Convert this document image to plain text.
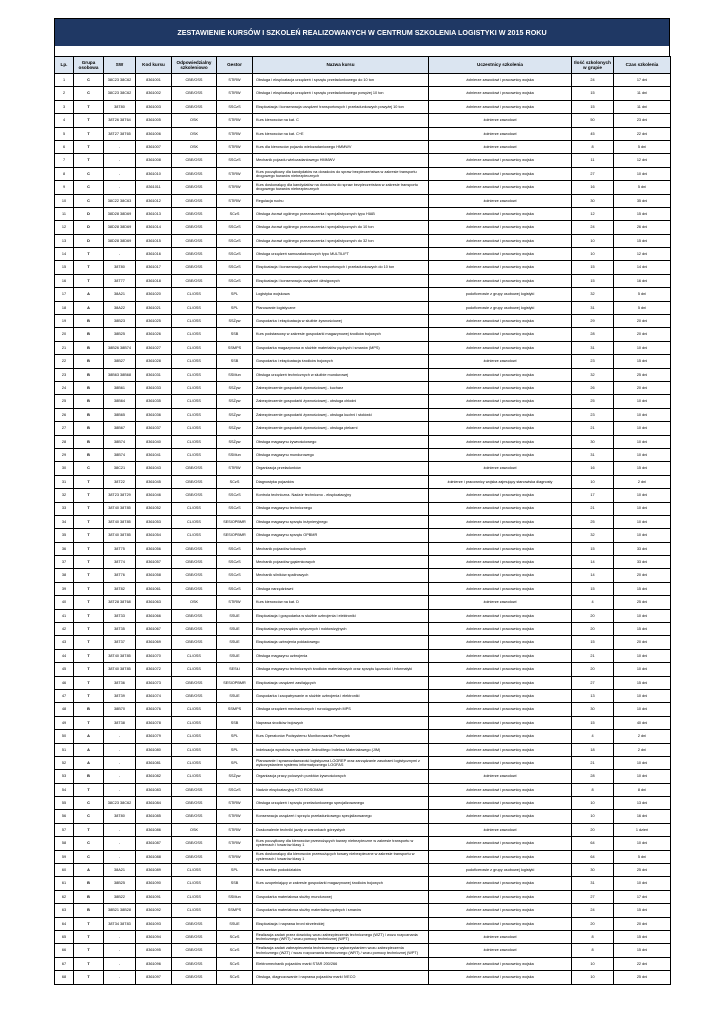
ZESTAWIENIE KURSÓW I SZKOLEŃ REALIZOWANYCH W CENTRUM SZKOLENIA LOGISTYKI W 2015 ROKU
Lp.	Grupa osobowa	SW	Kod kursu	Odpowiedzialny szkoleniowo	Gestor	Nazwa kursu	Uczestnicy szkolenia	Ilość szkolonych w grupie	Czas szkolenia
1	C	38C23 38C62	8361001	CBE/OSS	STIRW	Obsługa i eksploatacja urządzeń i sprzętu przeładunkowego do 10 ton	żołnierze zawodowi i pracownicy wojska	24	17 dni
2	C	38C23 38C62	8361002	CBE/OSS	STIRW	Obsługa i eksploatacja urządzeń i sprzętu przeładunkowego powyżej 10 ton	żołnierze zawodowi i pracownicy wojska	15	11 dni
3	T	38T80	8361003	CBE/OSS	SSCzS	Eksploatacja i konserwacja urządzeń transportowych i przeładunkowych powyżej 10 ton	żołnierze zawodowi i pracownicy wojska	15	11 dni
4	T	38T26 38T64	8361005	OSK	STIRW	Kurs kierowców na kat. C	żołnierze zawodowi	50	23 dni
5	T	38T27 38T65	8361006	OSK	STIRW	Kurs kierowców na kat. C+E	żołnierze zawodowi	45	22 dni
6	T	-	8361007	OSK	STIRW	Kurs dla kierowców pojazdu wielozadaniowego HMMWV	żołnierze zawodowi	8	5 dni
7	T	-	8361008	CBE/OSS	SSCzS	Mechanik pojazdu wielozadaniowego HMMWV	żołnierze zawodowi i pracownicy wojska	11	12 dni
8	C	-	8361010	CBE/OSS	STIRW	Kurs początkowy dla kandydatów na doradców do spraw bezpieczeństwa w zakresie transportu drogowego towarów niebezpiecznych	żołnierze zawodowi i pracownicy wojska	27	10 dni
9	C	-	8361011	CBE/OSS	STIRW	Kurs doskonalący dla kandydatów na doradców do spraw bezpieczeństwa w zakresie transportu drogowego towarów niebezpiecznych	żołnierze zawodowi i pracownicy wojska	16	5 dni
10	C	38C22 38C63	8361012	CBE/OSS	STIRW	Regulacja ruchu	żołnierze zawodowi	30	35 dni
11	D	38D28 38D69	8361013	CBE/OSS	SCzS	Obsługa żurawi ogólnego przeznaczenia i specjalistycznych typu HIAB	żołnierze zawodowi i pracownicy wojska	12	15 dni
12	D	38D28 38D69	8361014	CBE/OSS	SSCzS	Obsługa żurawi ogólnego przeznaczenia i specjalistycznych do 10 ton	żołnierze zawodowi i pracownicy wojska	24	26 dni
13	D	38D28 38D69	8361015	CBE/OSS	SSCzS	Obsługa żurawi ogólnego przeznaczenia i specjalistycznych do 32 ton	żołnierze zawodowi i pracownicy wojska	10	15 dni
14	T	-	8361016	CBE/OSS	SSCzS	Obsługa urządzeń samozaładowczych typu MULTILIFT	żołnierze zawodowi i pracownicy wojska	10	12 dni
15	T	38T80	8361017	CBE/OSS	SSCzS	Eksploatacja i konserwacja urządzeń transportowych i przeładunkowych do 10 ton	żołnierze zawodowi i pracownicy wojska	15	14 dni
16	T	38T77	8361018	CBE/OSS	SSCzS	Eksploatacja i konserwacja urządzeń dźwigowych	żołnierze zawodowi i pracownicy wojska	15	16 dni
17	A	38A21	8361020	CL/OSS	SPL	Logistyka wojskowa	podoficerowie z grupy osobowej logistyki	32	5 dni
18	A	38A22	8361021	CL/OSS	SPL	Planowanie logistyczne	podoficerowie z grupy osobowej logistyki	31	5 dni
19	B	38B23	8361025	CL/OSS	SSŻyw	Gospodarka i eksploatacja w służbie żywnościowej	żołnierze zawodowi i pracownicy wojska	29	20 dni
20	B	38B25	8361026	CL/OSS	SSB	Kurs podstawowy w zakresie gospodarki magazynowej środków bojowych	żołnierze zawodowi i pracownicy wojska	28	20 dni
21	B	38B26 38B74	8361027	CL/OSS	SSMPS	Gospodarka magazynowa w służbie materiałów pędnych i smarów (MPS)	żołnierze zawodowi i pracownicy wojska	31	10 dni
22	B	38B27	8361028	CL/OSS	SSB	Gospodarka i eksploatacja środków bojowych	żołnierze zawodowi	23	15 dni
23	B	38B63 38B68	8361031	CL/OSS	SSMun	Obsługa urządzeń technicznych w służbie mundurowej	żołnierze zawodowi i pracownicy wojska	32	25 dni
24	B	38B61	8361033	CL/OSS	SSŻyw	Zabezpieczenie gospodarki żywnościowej - kucharz	żołnierze zawodowi i pracownicy wojska	26	20 dni
25	B	38B64	8361035	CL/OSS	SSŻyw	Zabezpieczenie gospodarki żywnościowej - obsługa chłodni	żołnierze zawodowi i pracownicy wojska	25	10 dni
26	B	38B65	8361036	CL/OSS	SSŻyw	Zabezpieczenie gospodarki żywnościowej - obsługa kuchni i stołówki	żołnierze zawodowi i pracownicy wojska	23	10 dni
27	B	38B67	8361037	CL/OSS	SSŻyw	Zabezpieczenie gospodarki żywnościowej - obsługa piekarni	żołnierze zawodowi i pracownicy wojska	21	10 dni
28	B	38B74	8361040	CL/OSS	SSŻyw	Obsługa magazynu żywnościowego	żołnierze zawodowi i pracownicy wojska	30	10 dni
29	B	38B74	8361041	CL/OSS	SSMun	Obsługa magazynu mundurowego	żołnierze zawodowi i pracownicy wojska	31	10 dni
30	C	38C21	8361043	CBE/OSS	STIRW	Organizacja przeładunków	żołnierze zawodowi	16	15 dni
31	T	38T22	8361045	CBE/OSS	SCzS	Diagnostyka pojazdów	żołnierze i pracownicy wojska zajmujący stanowiska diagnosty	10	2 dni
32	T	38T23 38T29	8361046	CBE/OSS	SSCzS	Kontrola techniczna. Nadzór techniczno - eksploatacyjny	żołnierze zawodowi i pracownicy wojska	17	10 dni
33	T	38T40 38T85	8361052	CL/OSS	SSCzS	Obsługa magazynu technicznego	żołnierze zawodowi i pracownicy wojska	21	10 dni
34	T	38T40 38T85	8361053	CL/OSS	SESIOPBMR	Obsługa magazynu sprzętu inżynieryjnego	żołnierze zawodowi i pracownicy wojska	25	10 dni
35	T	38T40 38T85	8361054	CL/OSS	SESIOPBMR	Obsługa magazynu sprzętu OPBMR	żołnierze zawodowi i pracownicy wojska	32	10 dni
36	T	38T75	8361056	CBE/OSS	SSCzS	Mechanik pojazdów kołowych	żołnierze zawodowi i pracownicy wojska	15	33 dni
37	T	38T74	8361057	CBE/OSS	SSCzS	Mechanik pojazdów gąsienicowych	żołnierze zawodowi i pracownicy wojska	14	33 dni
38	T	38T76	8361058	CBE/OSS	SSCzS	Mechanik silników spalinowych	żołnierze zawodowi i pracownicy wojska	14	20 dni
39	T	38T82	8361061	CBE/OSS	SSCzS	Obsługa narzędziowni	żołnierze zawodowi i pracownicy wojska	15	15 dni
40	T	38T28 38T68	8361063	OSK	STIRW	Kurs kierowców na kat. D	żołnierze zawodowi	4	25 dni
41	T	38T33	8361066	CBE/OSS	SSUE	Eksploatacja i gospodarka w służbie uzbrojenia i elektroniki	żołnierze zawodowi i pracownicy wojska	20	10 dni
42	T	38T35	8361067	CBE/OSS	SSUE	Eksploatacja przyrządów optycznych i noktowizyjnych	żołnierze zawodowi i pracownicy wojska	20	15 dni
43	T	38T37	8361069	CBE/OSS	SSUE	Eksploatacja uzbrojenia pokładowego	żołnierze zawodowi i pracownicy wojska	15	20 dni
44	T	38T40 38T85	8361070	CL/OSS	SSUE	Obsługa magazynu uzbrojenia	żołnierze zawodowi i pracownicy wojska	21	10 dni
45	T	38T40 38T85	8361072	CL/OSS	SESŁI	Obsługa magazynu technicznych środków materiałowych oraz sprzętu łączności i informatyki	żołnierze zawodowi i pracownicy wojska	20	10 dni
46	T	38T36	8361073	CBE/OSS	SESIOPBMR	Eksploatacja urządzeń zasilających	żołnierze zawodowi i pracownicy wojska	27	15 dni
47	T	38T39	8361074	CBE/OSS	SSUE	Gospodarka i zaopatrywanie w służbie uzbrojenia i elektroniki	żołnierze zawodowi i pracownicy wojska	13	10 dni
48	B	38B70	8361076	CL/OSS	SSMPS	Obsługa urządzeń mechanicznych i rurociągowych MPS	żołnierze zawodowi i pracownicy wojska	30	10 dni
49	T	38T38	8361078	CL/OSS	SSB	Naprawa środków bojowych	żołnierze zawodowi i pracownicy wojska	15	40 dni
50	A	-	8361079	CL/OSS	SPL	Kurs Operatorów Podsystemu Monitorowania Przesyłek	żołnierze zawodowi i pracownicy wojska	4	2 dni
51	A	-	8361080	CL/OSS	SPL	Indeksacja wyrobów w systemie Jednolitego Indeksu Materiałowego (JIM)	żołnierze zawodowi i pracownicy wojska	18	2 dni
52	A	-	8361081	CL/OSS	SPL	Planowanie i sprawozdawczość logistyczna LOGREP oraz zarządzanie zasobami logistycznymi z wykorzystaniem systemu informatycznego LOGFAS	żołnierze zawodowi i pracownicy wojska	21	10 dni
53	B	-	8361082	CL/OSS	SSŻyw	Organizacja pracy polowych punktów żywnościowych	żołnierze zawodowi	28	10 dni
54	T	-	8361083	CBE/OSS	SSCzS	Nadzór eksploatacyjny KTO ROSOMAK	żołnierze zawodowi i pracownicy wojska	8	8 dni
55	C	38C23 38C62	8361084	CBE/OSS	STIRW	Obsługa urządzeń i sprzętu przeładunkowego specjalizowanego	żołnierze zawodowi i pracownicy wojska	10	13 dni
56	C	38T80	8361085	CBE/OSS	STIRW	Konserwacja urządzeń i sprzętu przeładunkowego specjalizowanego	żołnierze zawodowi i pracownicy wojska	10	16 dni
57	T	-	8361086	OSK	STIRW	Doskonalenie techniki jazdy w warunkach górzystych	żołnierze zawodowi	20	1 dzień
58	C	-	8361087	CBE/OSS	STIRW	Kurs początkowy dla kierowców przewożących towary niebezpieczne w zakresie transportu w cysternach i towarów klasy 1	żołnierze zawodowi i pracownicy wojska	64	10 dni
59	C	-	8361088	CBE/OSS	STIRW	Kurs doskonalący dla kierowców przewożących towary niebezpieczne w zakresie transportu w cysternach i towarów klasy 1	żołnierze zawodowi i pracownicy wojska	64	5 dni
60	A	38A21	8361089	CL/OSS	SPL	Kurs szefów pododdziałów	podoficerowie z grupy osobowej logistyki	30	25 dni
61	B	38B25	8361090	CL/OSS	SSB	Kurs uzupełniający w zakresie gospodarki magazynowej środków bojowych	żołnierze zawodowi i pracownicy wojska	31	10 dni
62	B	38B22	8361091	CL/OSS	SSMun	Gospodarka materiałowa służby mundurowej	żołnierze zawodowi i pracownicy wojska	27	17 dni
63	B	38B21 38B28	8361092	CL/OSS	SSMPS	Gospodarka materiałowa służby materiałów pędnych i smarów	żołnierze zawodowi i pracownicy wojska	24	15 dni
64	T	38T34 38T83	8361093	CBE/OSS	SSUE	Eksploatacja i naprawa broni strzeleckiej	żołnierze zawodowi i pracownicy wojska	20	20 dni
65	T	-	8361094	CBE/OSS	SCzS	Realizacja zadań przez dowódcę wozu zabezpieczenia technicznego (WZT) / wozu rozpoznania technicznego (WRT) / wozu pomocy technicznej (WPT)	żołnierze zawodowi	8	15 dni
66	T	-	8361095	CBE/OSS	SCzS	Realizacja zadań zabezpieczenia technicznego z wykorzystaniem wozu zabezpieczenia technicznego (WZT) / wozu rozpoznania technicznego (WRT) / wozu pomocy technicznej (WPT)	żołnierze zawodowi	8	15 dni
67	T	-	8361096	CBE/OSS	SCzS	Elektromechanik pojazdów marki STAR 200/266	żołnierze zawodowi i pracownicy wojska	10	22 dni
68	T	-	8361097	CBE/OSS	SCzS	Obsługa, diagnozowanie i naprawa pojazdów marki IVECO	żołnierze zawodowi i pracownicy wojska	10	25 dni
